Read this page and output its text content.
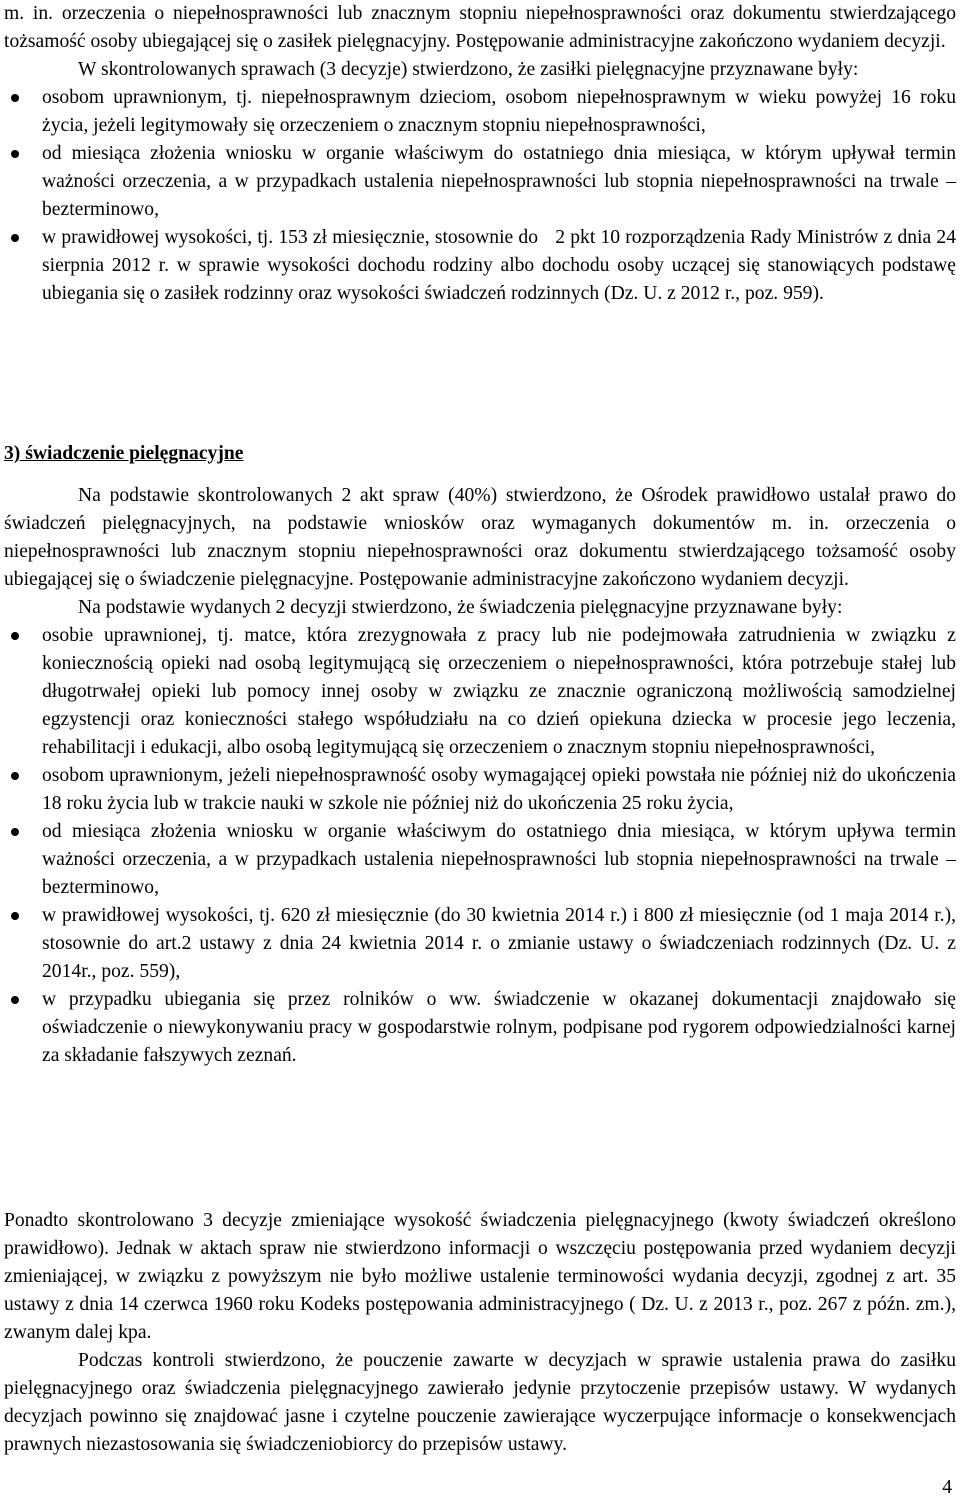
m. in. orzeczenia o niepełnosprawności lub znacznym stopniu niepełnosprawności oraz dokumentu stwierdzającego tożsamość osoby ubiegającej się o zasiłek pielęgnacyjny. Postępowanie administracyjne zakończono wydaniem decyzji.

W skontrolowanych sprawach (3 decyzje) stwierdzono, że zasiłki pielęgnacyjne przyznawane były:

osobom uprawnionym, tj. niepełnosprawnym dzieciom, osobom niepełnosprawnym w wieku powyżej 16 roku życia, jeżeli legitymowały się orzeczeniem o znacznym stopniu niepełnosprawności,
od miesiąca złożenia wniosku w organie właściwym do ostatniego dnia miesiąca, w którym upływał termin ważności orzeczenia, a w przypadkach ustalenia niepełnosprawności lub stopnia niepełnosprawności na trwale – bezterminowo,
w prawidłowej wysokości, tj. 153 zł miesięcznie, stosownie do 2 pkt 10 rozporządzenia Rady Ministrów z dnia 24 sierpnia 2012 r. w sprawie wysokości dochodu rodziny albo dochodu osoby uczącej się stanowiących podstawę ubiegania się o zasiłek rodzinny oraz wysokości świadczeń rodzinnych (Dz. U. z 2012 r., poz. 959).

3) świadczenie pielęgnacyjne

Na podstawie skontrolowanych 2 akt spraw (40%) stwierdzono, że Ośrodek prawidłowo ustalał prawo do świadczeń pielęgnacyjnych, na podstawie wniosków oraz wymaganych dokumentów m. in. orzeczenia o niepełnosprawności lub znacznym stopniu niepełnosprawności oraz dokumentu stwierdzającego tożsamość osoby ubiegającej się o świadczenie pielęgnacyjne. Postępowanie administracyjne zakończono wydaniem decyzji.

Na podstawie wydanych 2 decyzji stwierdzono, że świadczenia pielęgnacyjne przyznawane były:

osobie uprawnionej, tj. matce, która zrezygnowała z pracy lub nie podejmowała zatrudnienia w związku z koniecznością opieki nad osobą legitymującą się orzeczeniem o niepełnosprawności, która potrzebuje stałej lub długotrwałej opieki lub pomocy innej osoby w związku ze znacznie ograniczoną możliwością samodzielnej egzystencji oraz konieczności stałego współudziału na co dzień opiekuna dziecka w procesie jego leczenia, rehabilitacji i edukacji, albo osobą legitymującą się orzeczeniem o znacznym stopniu niepełnosprawności,
osobom uprawnionym, jeżeli niepełnosprawność osoby wymagającej opieki powstała nie później niż do ukończenia 18 roku życia lub w trakcie nauki w szkole nie później niż do ukończenia 25 roku życia,
od miesiąca złożenia wniosku w organie właściwym do ostatniego dnia miesiąca, w którym upływa termin ważności orzeczenia, a w przypadkach ustalenia niepełnosprawności lub stopnia niepełnosprawności na trwale – bezterminowo,
w prawidłowej wysokości, tj. 620 zł miesięcznie (do 30 kwietnia 2014 r.) i 800 zł miesięcznie (od 1 maja 2014 r.), stosownie do art.2 ustawy z dnia 24 kwietnia 2014 r. o zmianie ustawy o świadczeniach rodzinnych (Dz. U. z 2014r., poz. 559),
w przypadku ubiegania się przez rolników o ww. świadczenie w okazanej dokumentacji znajdowało się oświadczenie o niewykonywaniu pracy w gospodarstwie rolnym, podpisane pod rygorem odpowiedzialności karnej za składanie fałszywych zeznań.

Ponadto skontrolowano 3 decyzje zmieniające wysokość świadczenia pielęgnacyjnego (kwoty świadczeń określono prawidłowo). Jednak w aktach spraw nie stwierdzono informacji o wszczęciu postępowania przed wydaniem decyzji zmieniającej, w związku z powyższym nie było możliwe ustalenie terminowości wydania decyzji, zgodnej z art. 35 ustawy z dnia 14 czerwca 1960 roku Kodeks postępowania administracyjnego ( Dz. U. z 2013 r., poz. 267 z późn. zm.), zwanym dalej kpa.

Podczas kontroli stwierdzono, że pouczenie zawarte w decyzjach w sprawie ustalenia prawa do zasiłku pielęgnacyjnego oraz świadczenia pielęgnacyjnego zawierało jedynie przytoczenie przepisów ustawy. W wydanych decyzjach powinno się znajdować jasne i czytelne pouczenie zawierające wyczerpujące informacje o konsekwencjach prawnych niezastosowania się świadczeniobiorcy do przepisów ustawy.

4
